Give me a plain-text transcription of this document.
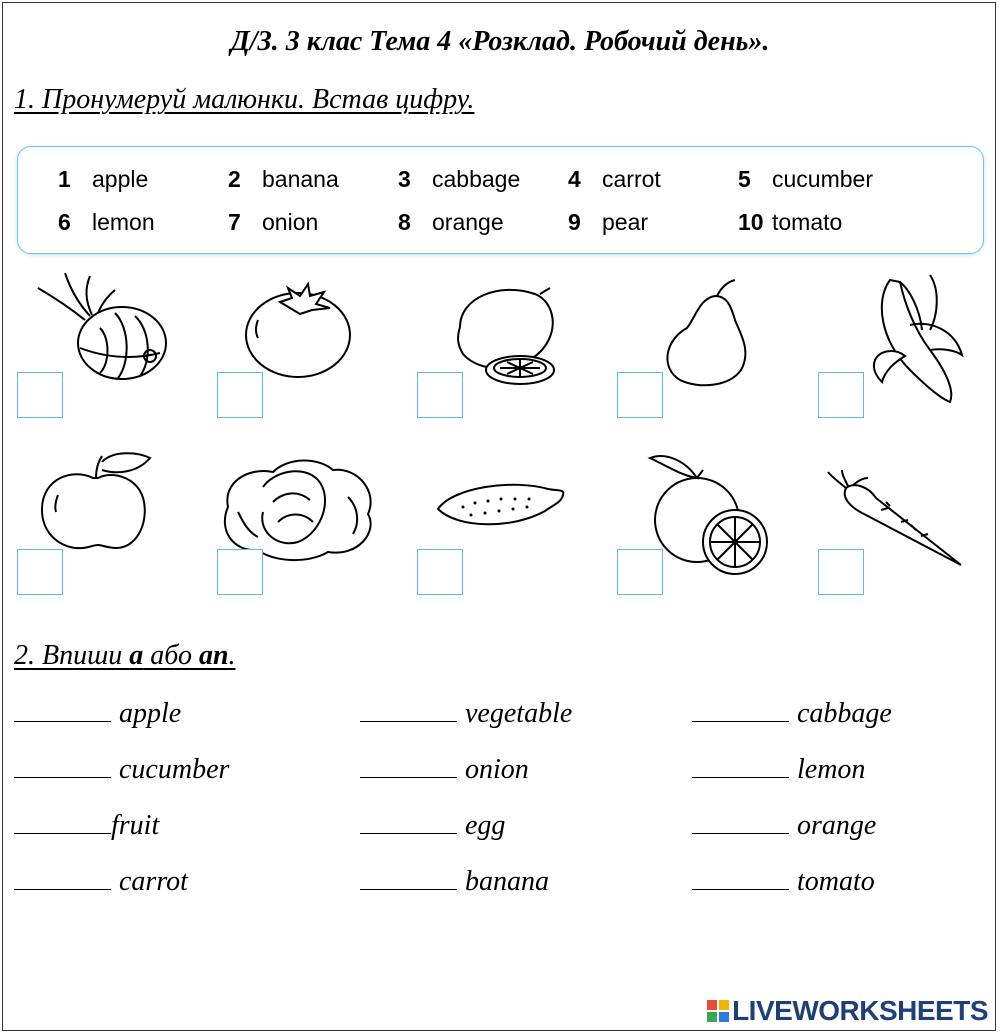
Д/З. 3 клас Тема 4 «Розклад. Робочий день».
1. Пронумеруй малюнки. Встав цифру.
1 apple	2 banana	3 cabbage 4 carrot	5 cucumber
6 lemon	7 onion	8 orange	9 pear	10 tomato
2. Впиши a або an.
apple	vegetable	cabbage
cucumber	onion	lemon
fruit	egg	orange
carrot	banana	tomato
LIVEWORKSHEETS
